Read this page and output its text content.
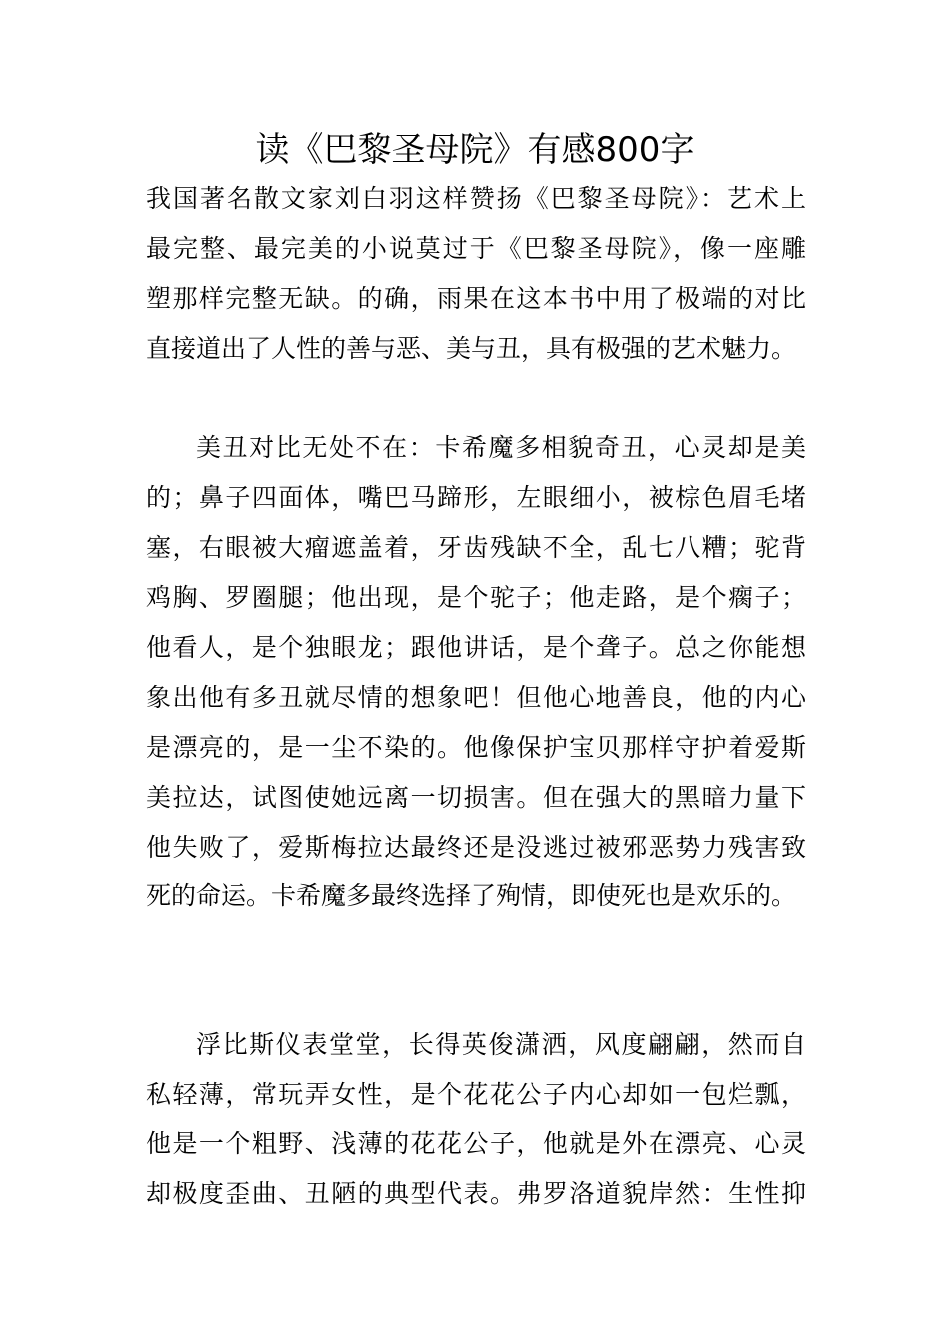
读《巴黎圣母院》有感800字

我国著名散文家刘白羽这样赞扬《巴黎圣母院》：艺术上

最完整、最完美的小说莫过于《巴黎圣母院》，像一座雕

塑那样完整无缺。的确，雨果在这本书中用了极端的对比

直接道出了人性的善与恶、美与丑，具有极强的艺术魅力。

美丑对比无处不在：卡希魔多相貌奇丑，心灵却是美

的；鼻子四面体，嘴巴马蹄形，左眼细小，被棕色眉毛堵

塞，右眼被大瘤遮盖着，牙齿残缺不全，乱七八糟；驼背

鸡胸、罗圈腿；他出现，是个驼子；他走路，是个瘸子；

他看人，是个独眼龙；跟他讲话，是个聋子。总之你能想

象出他有多丑就尽情的想象吧！但他心地善良，他的内心

是漂亮的，是一尘不染的。他像保护宝贝那样守护着爱斯

美拉达，试图使她远离一切损害。但在强大的黑暗力量下

他失败了，爱斯梅拉达最终还是没逃过被邪恶势力残害致

死的命运。卡希魔多最终选择了殉情，即使死也是欢乐的。

浮比斯仪表堂堂，长得英俊潇洒，风度翩翩，然而自

私轻薄，常玩弄女性，是个花花公子内心却如一包烂瓢，

他是一个粗野、浅薄的花花公子，他就是外在漂亮、心灵

却极度歪曲、丑陋的典型代表。弗罗洛道貌岸然：生性抑
